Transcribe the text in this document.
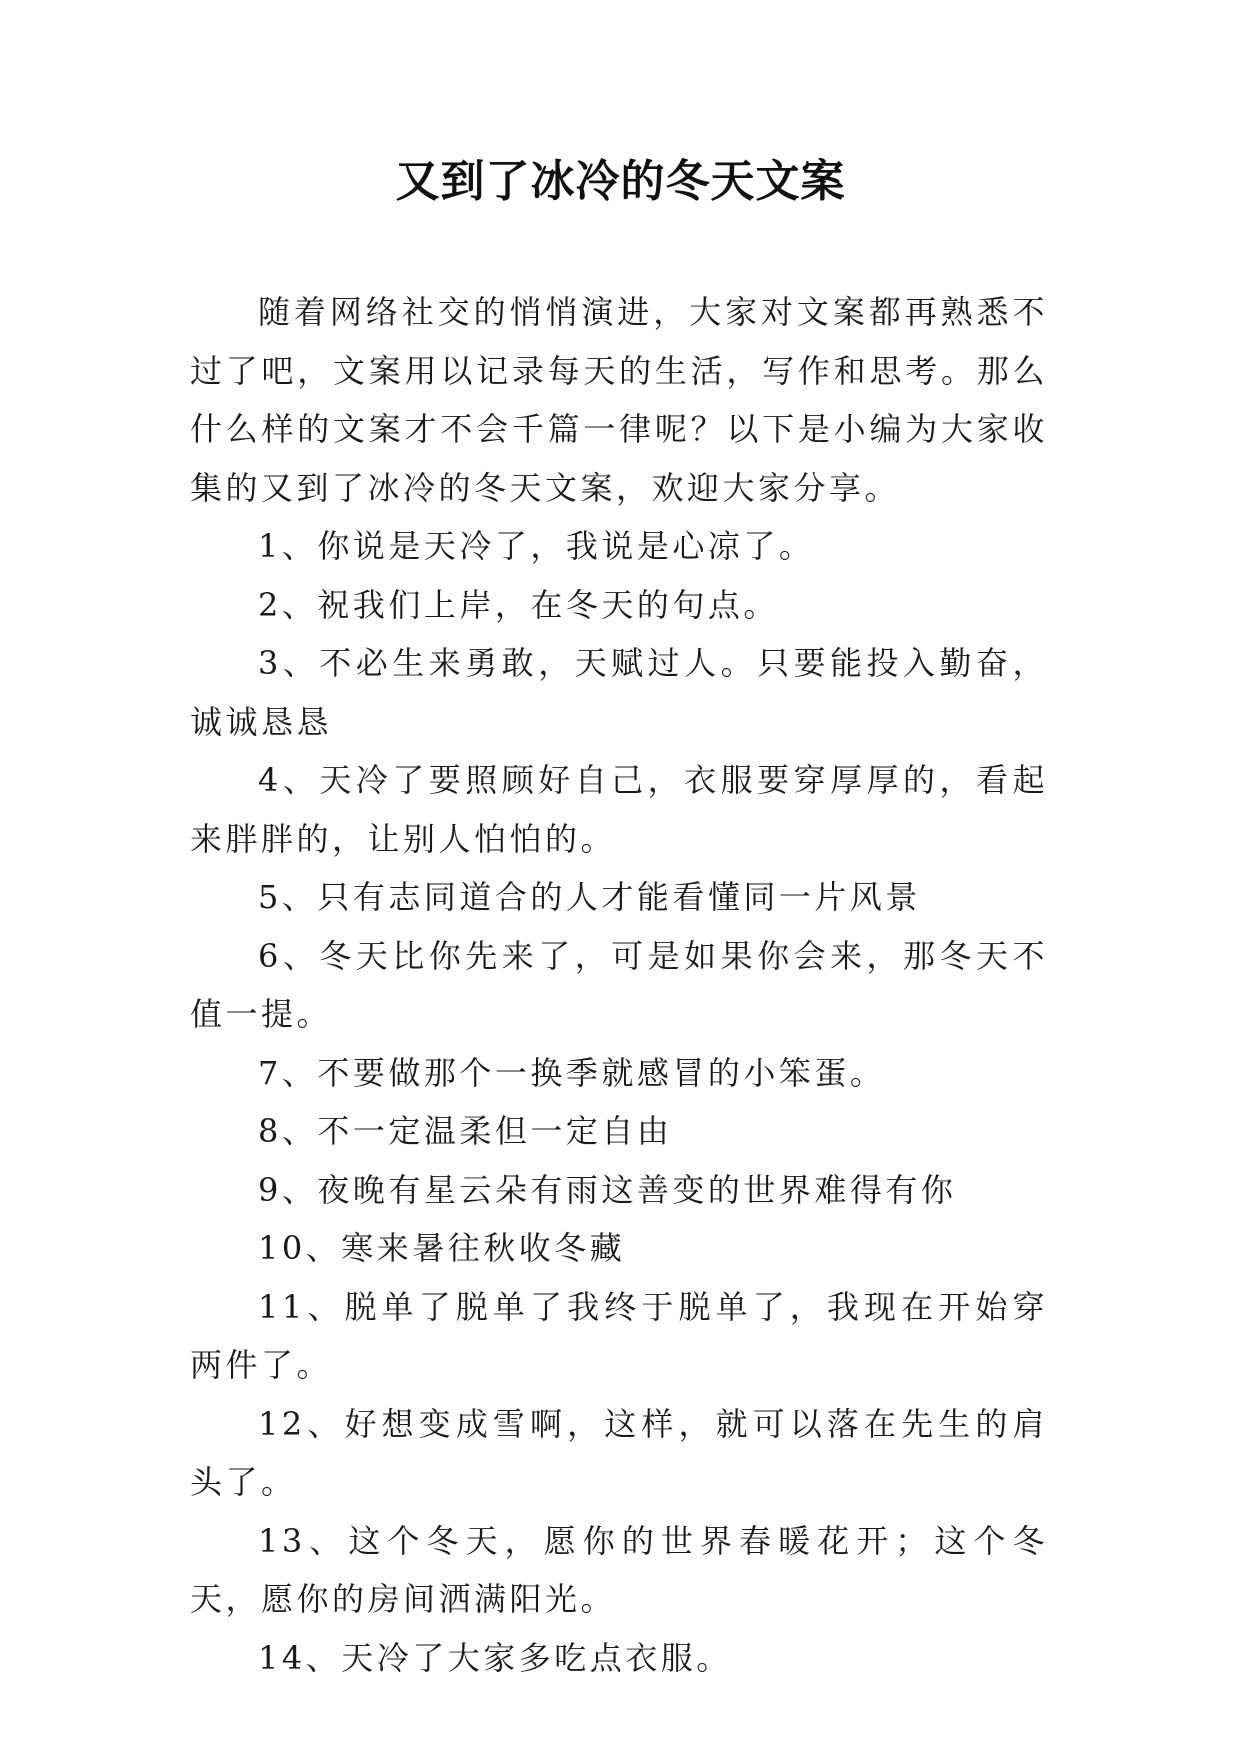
又到了冰冷的冬天文案

随着网络社交的悄悄演进，大家对文案都再熟悉不过了吧，文案用以记录每天的生活，写作和思考。那么什么样的文案才不会千篇一律呢？以下是小编为大家收集的又到了冰冷的冬天文案，欢迎大家分享。

1、你说是天冷了，我说是心凉了。

2、祝我们上岸，在冬天的句点。

3、不必生来勇敢，天赋过人。只要能投入勤奋，诚诚恳恳

4、天冷了要照顾好自己，衣服要穿厚厚的，看起来胖胖的，让别人怕怕的。

5、只有志同道合的人才能看懂同一片风景

6、冬天比你先来了，可是如果你会来，那冬天不值一提。

7、不要做那个一换季就感冒的小笨蛋。

8、不一定温柔但一定自由

9、夜晚有星云朵有雨这善变的世界难得有你

10、寒来暑往秋收冬藏

11、脱单了脱单了我终于脱单了，我现在开始穿两件了。

12、好想变成雪啊，这样，就可以落在先生的肩头了。

13、这个冬天，愿你的世界春暖花开；这个冬天，愿你的房间洒满阳光。

14、天冷了大家多吃点衣服。
